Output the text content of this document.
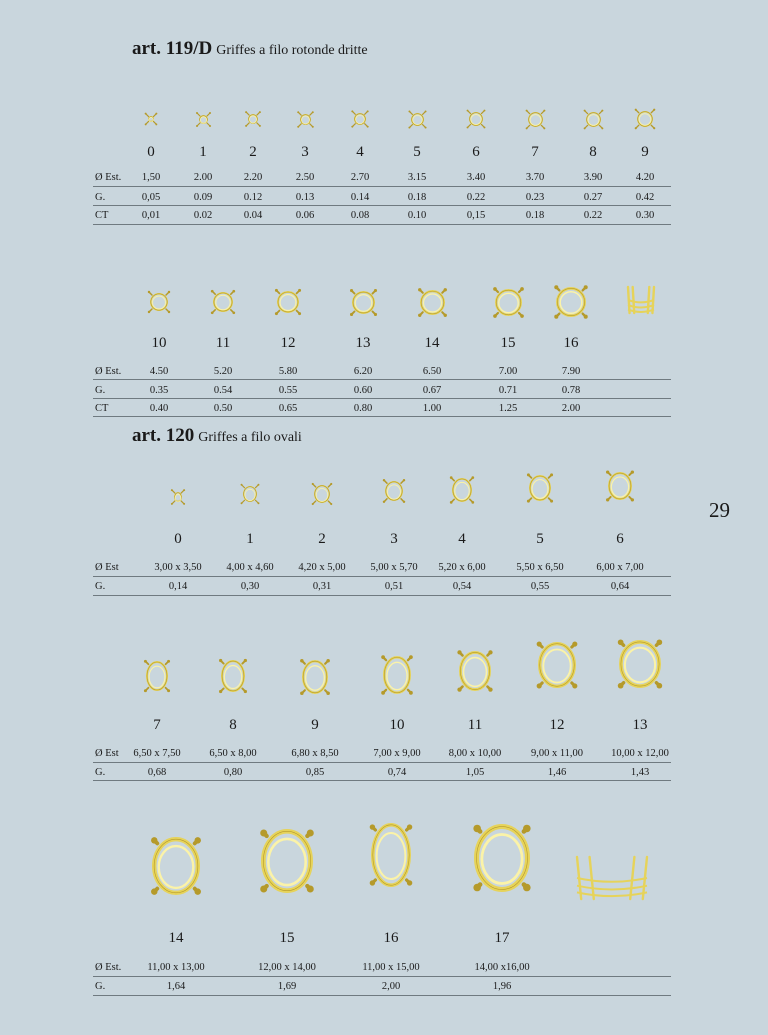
art. 119/D Griffes a filo rotonde dritte
art. 120 Griffes a filo ovali
29
0	1	2	3	4	5	6	7	8	9
Ø Est.	1,50	2.00	2.20	2.50	2.70	3.15	3.40	3.70	3.90	4.20
G.	0,05	0.09	0.12	0.13	0.14	0.18	0.22	0.23	0.27	0.42
CT	0,01	0.02	0.04	0.06	0.08	0.10	0,15	0.18	0.22	0.30
10	11	12	13	14	15	16
Ø Est.	4.50	5.20	5.80	6.20	6.50	7.00	7.90
G.	0.35	0.54	0.55	0.60	0.67	0.71	0.78
CT	0.40	0.50	0.65	0.80	1.00	1.25	2.00
0	1	2	3	4	5	6
Ø Est	3,00 x 3,50	4,00 x 4,60	4,20 x 5,00	5,00 x 5,70	5,20 x 6,00	5,50 x 6,50	6,00 x 7,00
G.	0,14	0,30	0,31	0,51	0,54	0,55	0,64
7	8	9	10	11	12	13
Ø Est	6,50 x 7,50	6,50 x 8,00	6,80 x 8,50	7,00 x 9,00	8,00 x 10,00	9,00 x 11,00	10,00 x 12,00
G.	0,68	0,80	0,85	0,74	1,05	1,46	1,43
14	15	16	17
Ø Est.	11,00 x 13,00	12,00 x 14,00	11,00 x 15,00	14,00 x16,00
G.	1,64	1,69	2,00	1,96
